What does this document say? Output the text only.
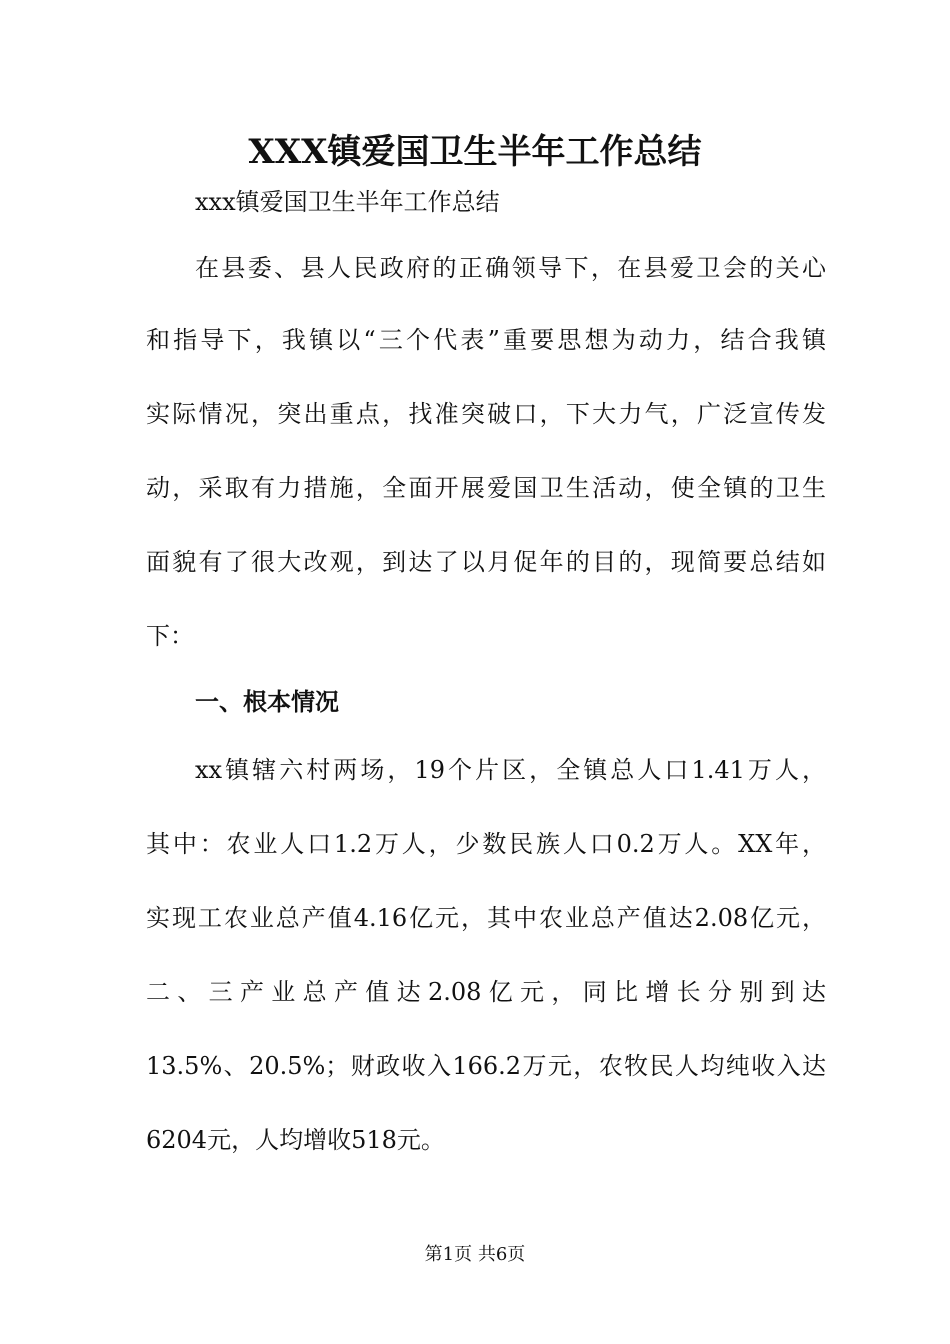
XXX镇爱国卫生半年工作总结
xxx镇爱国卫生半年工作总结
在县委、县人民政府的正确领导下，在县爱卫会的关心
和指导下，我镇以“三个代表”重要思想为动力，结合我镇
实际情况，突出重点，找准突破口，下大力气，广泛宣传发
动，采取有力措施，全面开展爱国卫生活动，使全镇的卫生
面貌有了很大改观，到达了以月促年的目的，现简要总结如
下：
一、根本情况
xx镇辖六村两场，19个片区，全镇总人口1.41万人，
其中：农业人口1.2万人，少数民族人口0.2万人。XX年，
实现工农业总产值4.16亿元，其中农业总产值达2.08亿元，
二、三产业总产值达2.08亿元，同比增长分别到达
13.5%、20.5%；财政收入166.2万元，农牧民人均纯收入达
6204元，人均增收518元。
第1页 共6页
